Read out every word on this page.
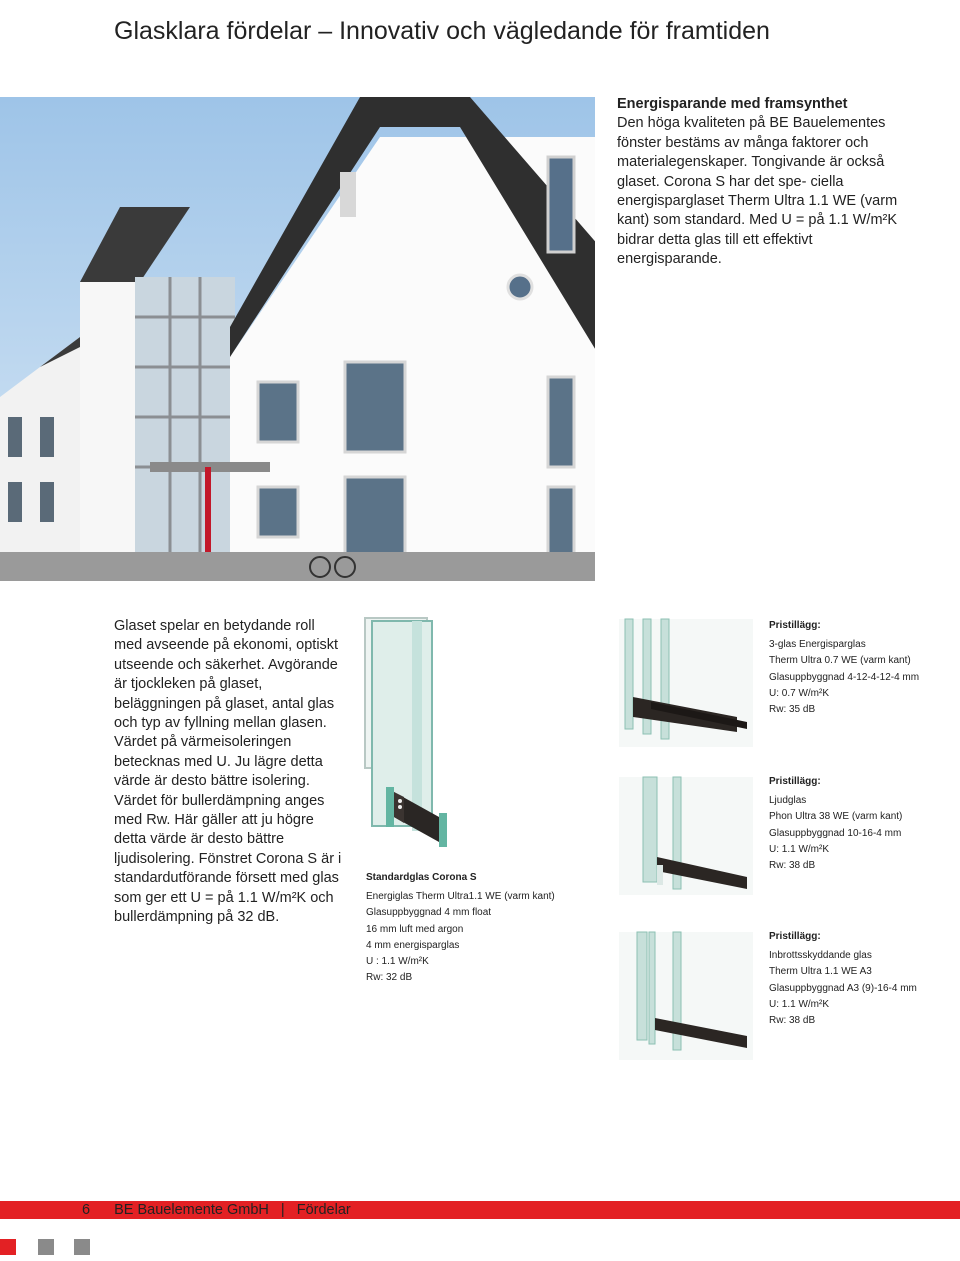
Glasklara fördelar – Innovativ och vägledande för framtiden
Energisparande med framsynthet
Den höga kvaliteten på BE Bauelementes fönster bestäms av många faktorer och materialegenskaper. Tongivande är också glaset. Corona S har det spe- ciella energisparglaset Therm Ultra 1.1 WE (varm kant) som standard. Med U = på 1.1 W/m²K bidrar detta glas till ett effektivt energisparande.
Glaset spelar en betydande roll med avseende på ekonomi, optiskt utseende och säkerhet. Avgörande är tjockleken på glaset, beläggningen på glaset, antal glas och typ av fyllning mellan glasen. Värdet på värmeisoleringen betecknas med U. Ju lägre detta värde är desto bättre isolering. Värdet för bullerdämpning anges med Rw. Här gäller att ju högre detta värde är desto bättre ljudisolering. Fönstret Corona S är i standardutförande försett med glas som ger ett U = på 1.1 W/m²K och bullerdämpning på 32 dB.
Standardglas Corona S
Energiglas Therm Ultra1.1 WE (varm kant)
Glasuppbyggnad 4 mm float
16 mm luft med argon
4 mm energisparglas
U : 1.1 W/m²K
Rw: 32 dB
Pristillägg:
3-glas Energisparglas
Therm Ultra 0.7 WE (varm kant)
Glasuppbyggnad 4-12-4-12-4 mm
U: 0.7 W/m²K
Rw: 35 dB
Pristillägg:
Ljudglas
Phon Ultra 38 WE (varm kant)
Glasuppbyggnad 10-16-4 mm
U: 1.1 W/m²K
Rw: 38 dB
Pristillägg:
Inbrottsskyddande glas
Therm Ultra 1.1 WE A3
Glasuppbyggnad A3 (9)-16-4 mm
U: 1.1 W/m²K
Rw: 38 dB
6 BE Bauelemente GmbH | Fördelar
